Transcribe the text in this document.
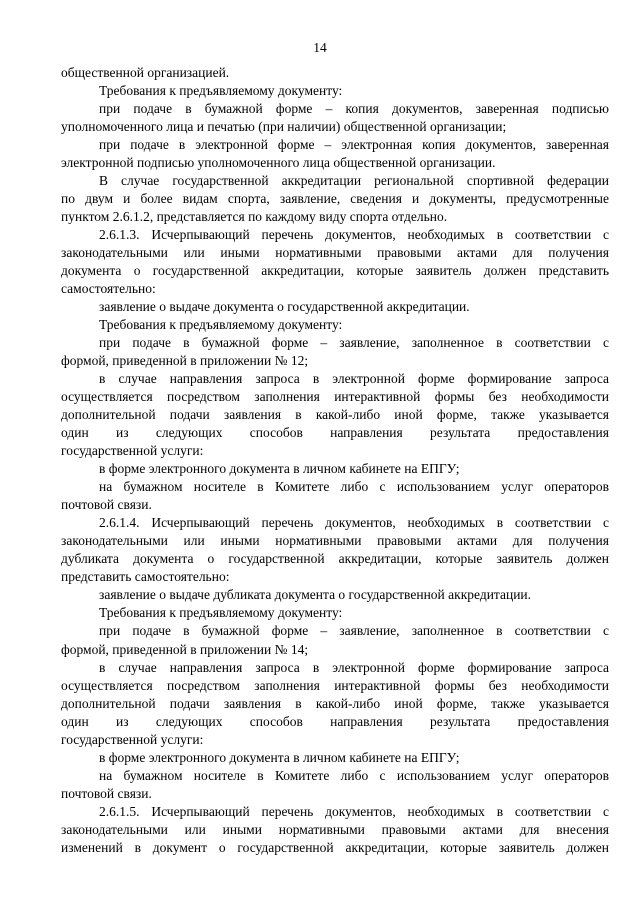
14
общественной организацией.
Требования к предъявляемому документу:
при подаче в бумажной форме – копия документов, заверенная подписью
уполномоченного лица и печатью (при наличии) общественной организации;
при подаче в электронной форме – электронная копия документов, заверенная
электронной подписью уполномоченного лица общественной организации.
В случае государственной аккредитации региональной спортивной федерации
по двум и более видам спорта, заявление, сведения и документы, предусмотренные
пунктом 2.6.1.2, представляется по каждому виду спорта отдельно.
2.6.1.3. Исчерпывающий перечень документов, необходимых в соответствии с
законодательными или иными нормативными правовыми актами для получения
документа о государственной аккредитации, которые заявитель должен представить
самостоятельно:
заявление о выдаче документа о государственной аккредитации.
Требования к предъявляемому документу:
при подаче в бумажной форме – заявление, заполненное в соответствии с
формой, приведенной в приложении № 12;
в случае направления запроса в электронной форме формирование запроса
осуществляется посредством заполнения интерактивной формы без необходимости
дополнительной подачи заявления в какой-либо иной форме, также указывается
один из следующих способов направления результата предоставления
государственной услуги:
в форме электронного документа в личном кабинете на ЕПГУ;
на бумажном носителе в Комитете либо с использованием услуг операторов
почтовой связи.
2.6.1.4. Исчерпывающий перечень документов, необходимых в соответствии с
законодательными или иными нормативными правовыми актами для получения
дубликата документа о государственной аккредитации, которые заявитель должен
представить самостоятельно:
заявление о выдаче дубликата документа о государственной аккредитации.
Требования к предъявляемому документу:
при подаче в бумажной форме – заявление, заполненное в соответствии с
формой, приведенной в приложении № 14;
в случае направления запроса в электронной форме формирование запроса
осуществляется посредством заполнения интерактивной формы без необходимости
дополнительной подачи заявления в какой-либо иной форме, также указывается
один из следующих способов направления результата предоставления
государственной услуги:
в форме электронного документа в личном кабинете на ЕПГУ;
на бумажном носителе в Комитете либо с использованием услуг операторов
почтовой связи.
2.6.1.5. Исчерпывающий перечень документов, необходимых в соответствии с
законодательными или иными нормативными правовыми актами для внесения
изменений в документ о государственной аккредитации, которые заявитель должен
